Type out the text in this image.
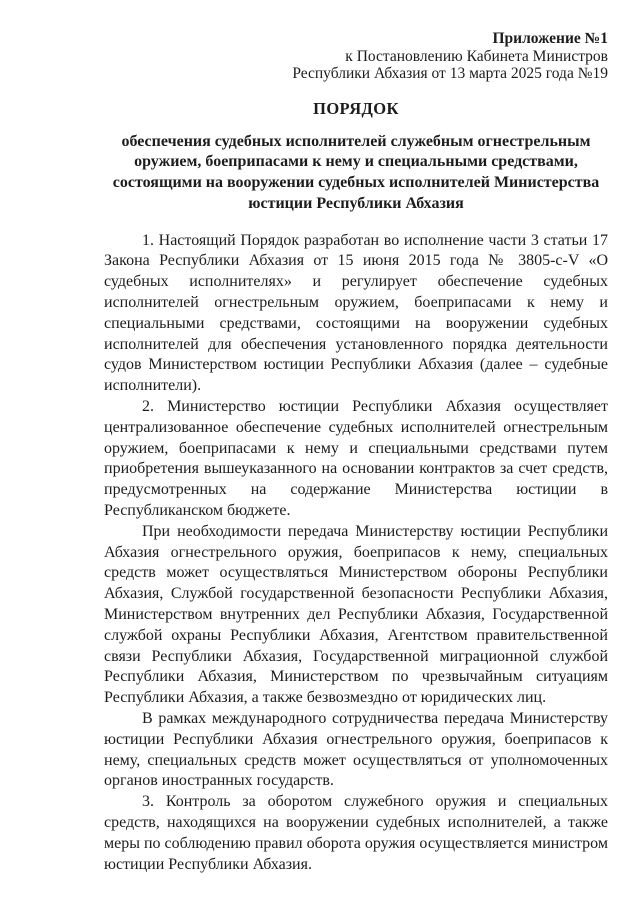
Приложение №1
к Постановлению Кабинета Министров
Республики Абхазия от 13 марта 2025 года №19
ПОРЯДОК
обеспечения судебных исполнителей служебным огнестрельным оружием, боеприпасами к нему и специальными средствами, состоящими на вооружении судебных исполнителей Министерства юстиции Республики Абхазия

1. Настоящий Порядок разработан во исполнение части 3 статьи 17 Закона Республики Абхазия от 15 июня 2015 года № 3805-с-V «О судебных исполнителях» и регулирует обеспечение судебных исполнителей огнестрельным оружием, боеприпасами к нему и специальными средствами, состоящими на вооружении судебных исполнителей для обеспечения установленного порядка деятельности судов Министерством юстиции Республики Абхазия (далее – судебные исполнители).

2. Министерство юстиции Республики Абхазия осуществляет централизованное обеспечение судебных исполнителей огнестрельным оружием, боеприпасами к нему и специальными средствами путем приобретения вышеуказанного на основании контрактов за счет средств, предусмотренных на содержание Министерства юстиции в Республиканском бюджете.

При необходимости передача Министерству юстиции Республики Абхазия огнестрельного оружия, боеприпасов к нему, специальных средств может осуществляться Министерством обороны Республики Абхазия, Службой государственной безопасности Республики Абхазия, Министерством внутренних дел Республики Абхазия, Государственной службой охраны Республики Абхазия, Агентством правительственной связи Республики Абхазия, Государственной миграционной службой Республики Абхазия, Министерством по чрезвычайным ситуациям Республики Абхазия, а также безвозмездно от юридических лиц.

В рамках международного сотрудничества передача Министерству юстиции Республики Абхазия огнестрельного оружия, боеприпасов к нему, специальных средств может осуществляться от уполномоченных органов иностранных государств.

3. Контроль за оборотом служебного оружия и специальных средств, находящихся на вооружении судебных исполнителей, а также меры по соблюдению правил оборота оружия осуществляется министром юстиции Республики Абхазия.
